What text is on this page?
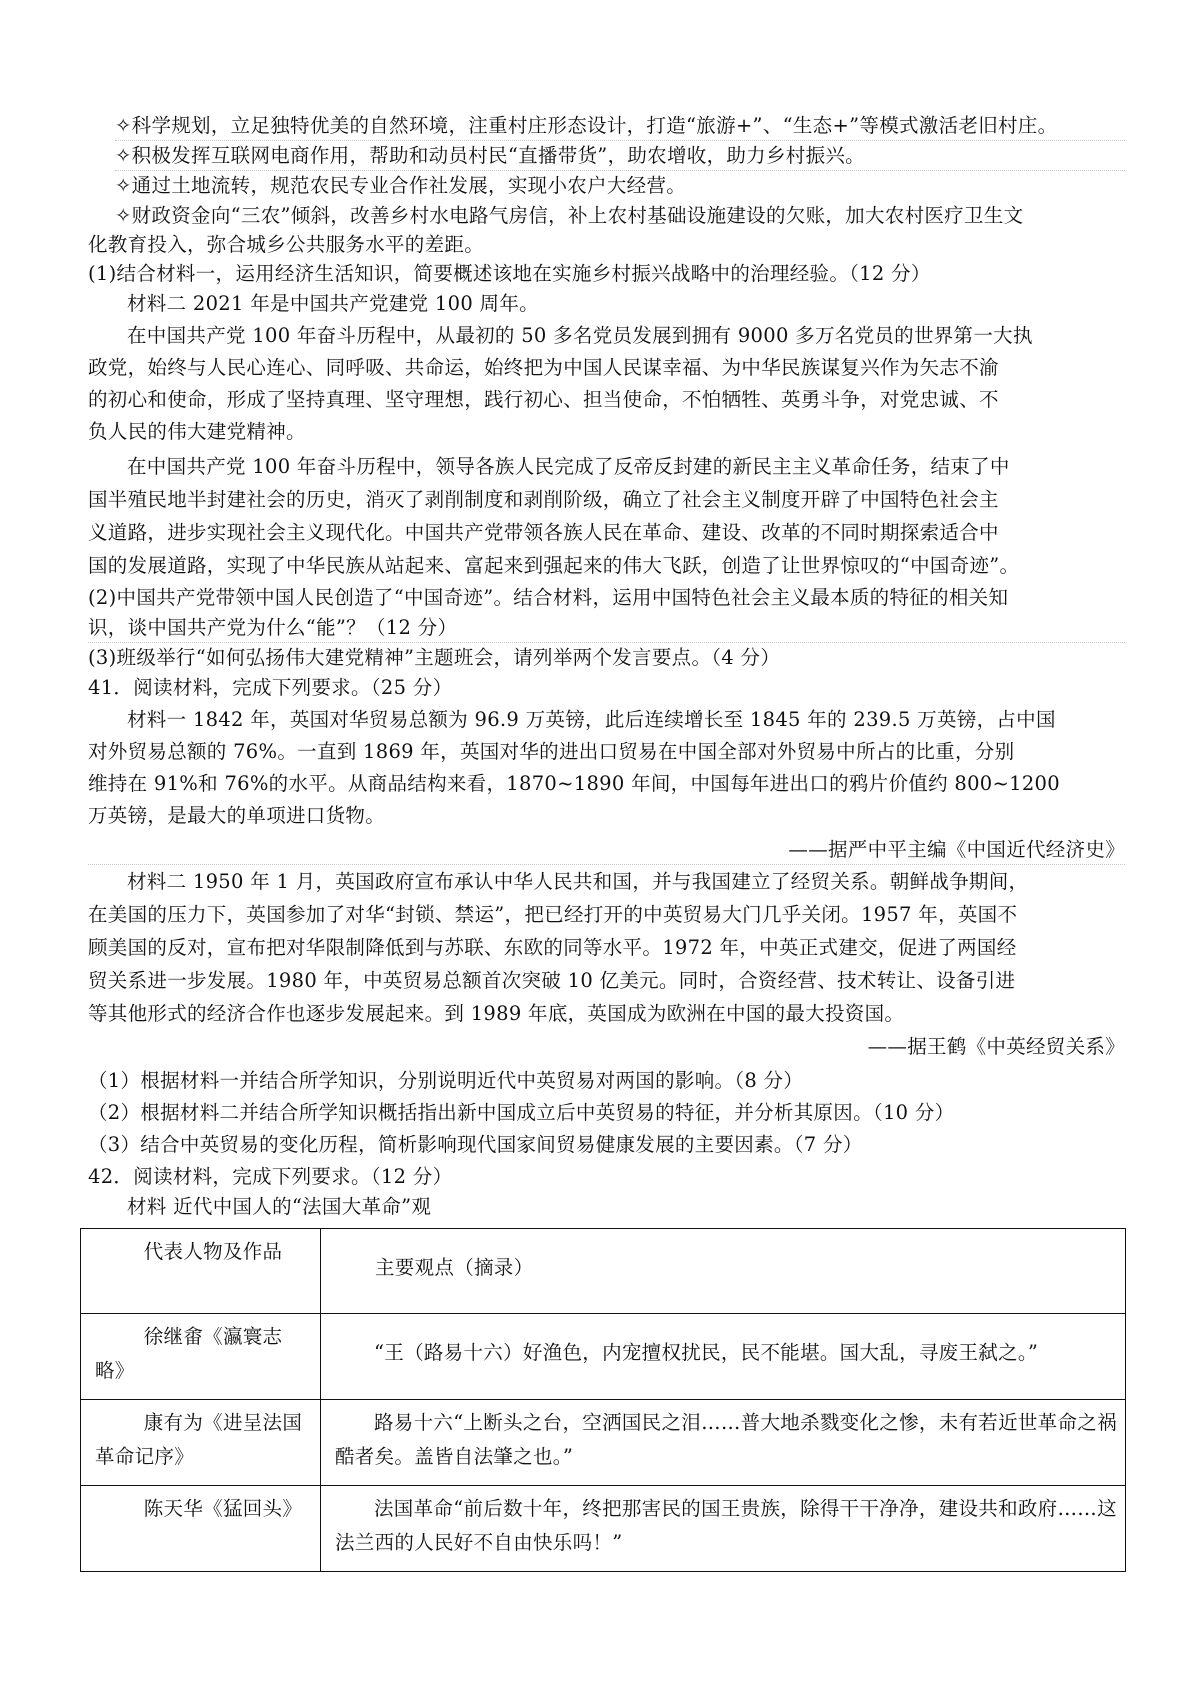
✧科学规划，立足独特优美的自然环境，注重村庄形态设计，打造“旅游+”、“生态+”等模式激活老旧村庄。
✧积极发挥互联网电商作用，帮助和动员村民“直播带货”，助农增收，助力乡村振兴。
✧通过土地流转，规范农民专业合作社发展，实现小农户大经营。
✧财政资金向“三农”倾斜，改善乡村水电路气房信，补上农村基础设施建设的欠账，加大农村医疗卫生文
化教育投入，弥合城乡公共服务水平的差距。
(1)结合材料一，运用经济生活知识，简要概述该地在实施乡村振兴战略中的治理经验。（12 分）
材料二 2021 年是中国共产党建党 100 周年。
在中国共产党 100 年奋斗历程中，从最初的 50 多名党员发展到拥有 9000 多万名党员的世界第一大执
政党，始终与人民心连心、同呼吸、共命运，始终把为中国人民谋幸福、为中华民族谋复兴作为矢志不渝
的初心和使命，形成了坚持真理、坚守理想，践行初心、担当使命，不怕牺牲、英勇斗争，对党忠诚、不
负人民的伟大建党精神。
在中国共产党 100 年奋斗历程中，领导各族人民完成了反帝反封建的新民主主义革命任务，结束了中
国半殖民地半封建社会的历史，消灭了剥削制度和剥削阶级，确立了社会主义制度开辟了中国特色社会主
义道路，进步实现社会主义现代化。中国共产党带领各族人民在革命、建设、改革的不同时期探索适合中
国的发展道路，实现了中华民族从站起来、富起来到强起来的伟大飞跃，创造了让世界惊叹的“中国奇迹”。
(2)中国共产党带领中国人民创造了“中国奇迹”。结合材料，运用中国特色社会主义最本质的特征的相关知
识，谈中国共产党为什么“能”？（12 分）
(3)班级举行“如何弘扬伟大建党精神”主题班会，请列举两个发言要点。（4 分）
41．阅读材料，完成下列要求。（25 分）
材料一 1842 年，英国对华贸易总额为 96.9 万英镑，此后连续增长至 1845 年的 239.5 万英镑，占中国
对外贸易总额的 76%。一直到 1869 年，英国对华的进出口贸易在中国全部对外贸易中所占的比重，分别
维持在 91%和 76%的水平。从商品结构来看，1870~1890 年间，中国每年进出口的鸦片价值约 800~1200
万英镑，是最大的单项进口货物。
——据严中平主编《中国近代经济史》
材料二 1950 年 1 月，英国政府宣布承认中华人民共和国，并与我国建立了经贸关系。朝鲜战争期间，
在美国的压力下，英国参加了对华“封锁、禁运”，把已经打开的中英贸易大门几乎关闭。1957 年，英国不
顾美国的反对，宣布把对华限制降低到与苏联、东欧的同等水平。1972 年，中英正式建交，促进了两国经
贸关系进一步发展。1980 年，中英贸易总额首次突破 10 亿美元。同时，合资经营、技术转让、设备引进
等其他形式的经济合作也逐步发展起来。到 1989 年底，英国成为欧洲在中国的最大投资国。
——据王鹤《中英经贸关系》
（1）根据材料一并结合所学知识，分别说明近代中英贸易对两国的影响。（8 分）
（2）根据材料二并结合所学知识概括指出新中国成立后中英贸易的特征，并分析其原因。（10 分）
（3）结合中英贸易的变化历程，简析影响现代国家间贸易健康发展的主要因素。（7 分）
42．阅读材料，完成下列要求。（12 分）
材料 近代中国人的“法国大革命”观
代表人物及作品	主要观点（摘录）
徐继畬《瀛寰志略》	“王（路易十六）好渔色，内宠擅权扰民，民不能堪。国大乱，寻废王弑之。”
康有为《进呈法国革命记序》	路易十六“上断头之台，空洒国民之泪……普大地杀戮变化之惨，未有若近世革命之祸酷者矣。盖皆自法肇之也。”
陈天华《猛回头》	法国革命“前后数十年，终把那害民的国王贵族，除得干干净净，建设共和政府……这法兰西的人民好不自由快乐吗！”
